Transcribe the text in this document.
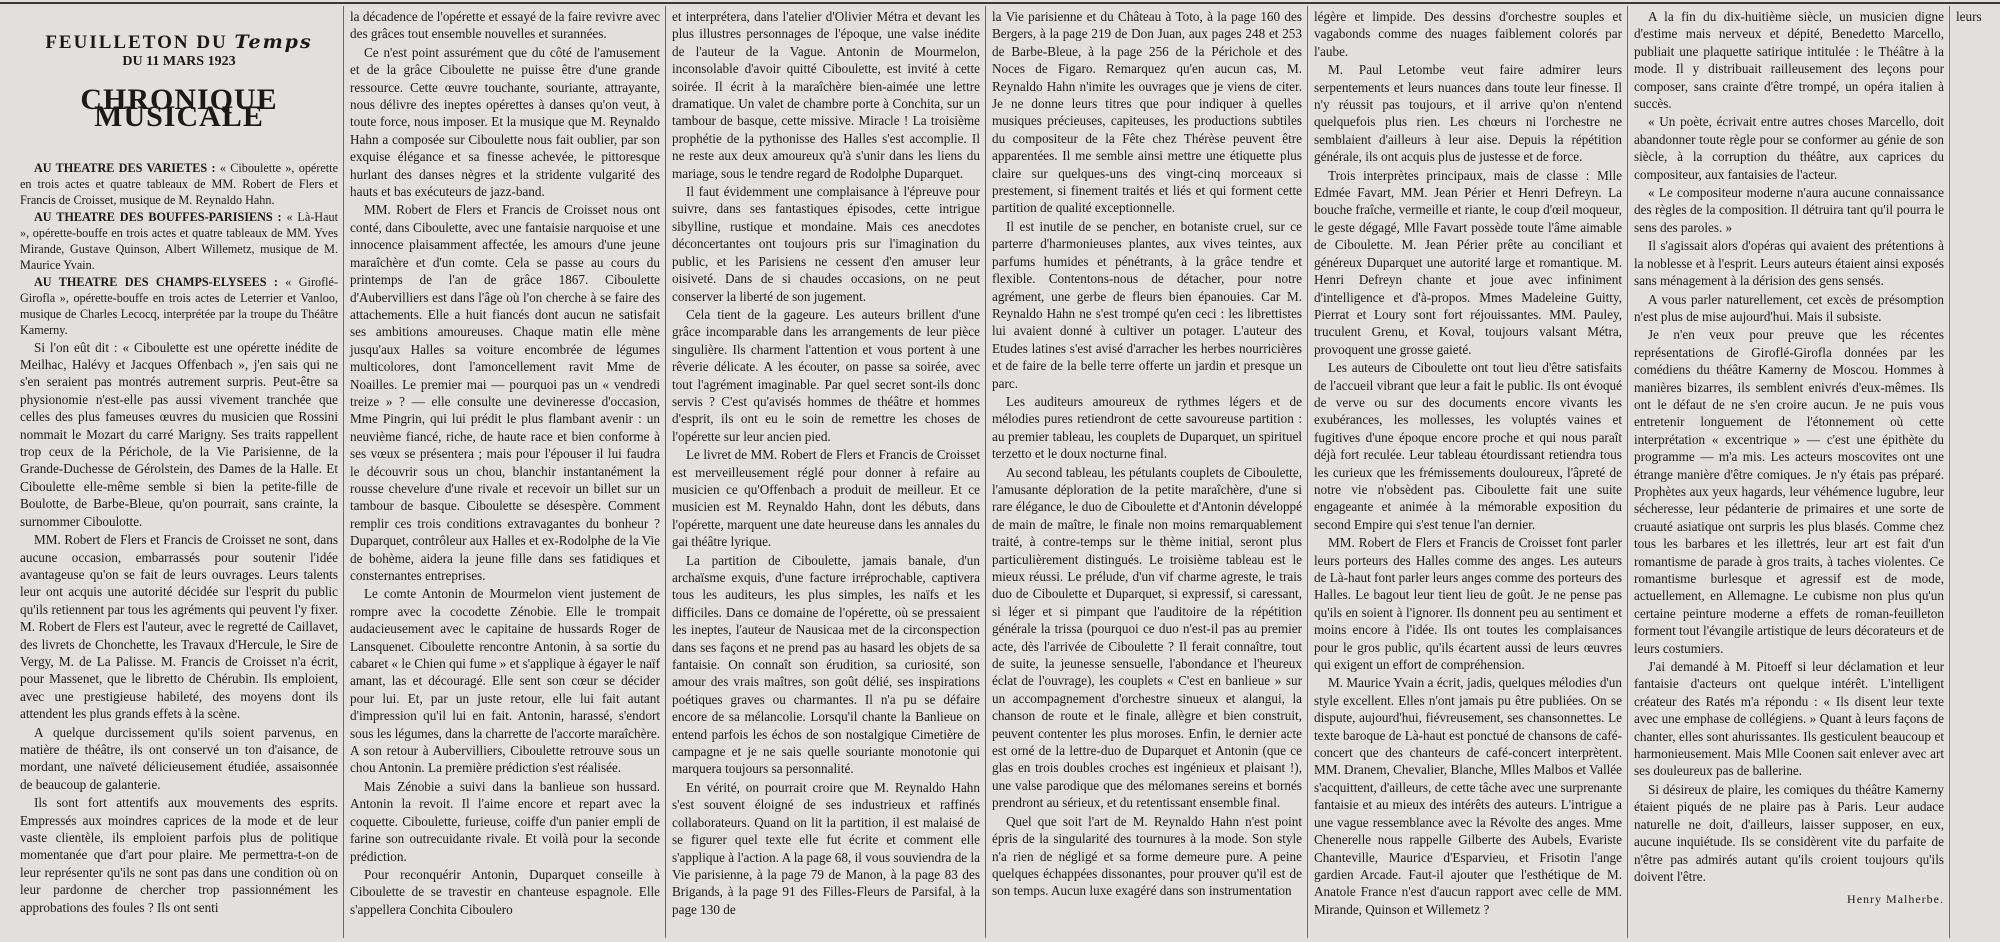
FEUILLETON DU Temps
DU 11 MARS 1923
CHRONIQUE MUSICALE

AU THEATRE DES VARIETES : « Ciboulette », opérette en trois actes et quatre tableaux de MM. Robert de Flers et Francis de Croisset, musique de M. Reynaldo Hahn.

AU THEATRE DES BOUFFES-PARISIENS : « Là-Haut », opérette-bouffe en trois actes et quatre tableaux de MM. Yves Mirande, Gustave Quinson, Albert Willemetz, musique de M. Maurice Yvain.

AU THEATRE DES CHAMPS-ELYSEES : « Giroflé-Girofla », opérette-bouffe en trois actes de Leterrier et Vanloo, musique de Charles Lecocq, interprétée par la troupe du Théâtre Kamerny.

Si l'on eût dit : « Ciboulette est une opérette inédite de Meilhac, Halévy et Jacques Offenbach », j'en sais qui ne s'en seraient pas montrés autrement surpris. Peut-être sa physionomie n'est-elle pas aussi vivement tranchée que celles des plus fameuses œuvres du musicien que Rossini nommait le Mozart du carré Marigny. Ses traits rappellent trop ceux de la Périchole, de la Vie Parisienne, de la Grande-Duchesse de Gérolstein, des Dames de la Halle. Et Ciboulette elle-même semble si bien la petite-fille de Boulotte, de Barbe-Bleue, qu'on pourrait, sans crainte, la surnommer Ciboulotte.

MM. Robert de Flers et Francis de Croisset ne sont, dans aucune occasion, embarrassés pour soutenir l'idée avantageuse qu'on se fait de leurs ouvrages. Leurs talents leur ont acquis une autorité décidée sur l'esprit du public qu'ils retiennent par tous les agréments qui peuvent l'y fixer. M. Robert de Flers est l'auteur, avec le regretté de Caillavet, des livrets de Chonchette, les Travaux d'Hercule, le Sire de Vergy, M. de La Palisse. M. Francis de Croisset n'a écrit, pour Massenet, que le libretto de Chérubin. Ils emploient, avec une prestigieuse habileté, des moyens dont ils attendent les plus grands effets à la scène.

A quelque durcissement qu'ils soient parvenus, en matière de théâtre, ils ont conservé un ton d'aisance, de mordant, une naïveté délicieusement étudiée, assaisonnée de beaucoup de galanterie.

Ils sont fort attentifs aux mouvements des esprits. Empressés aux moindres caprices de la mode et de leur vaste clientèle, ils emploient parfois plus de politique momentanée que d'art pour plaire. Me permettra-t-on de leur représenter qu'ils ne sont pas dans une condition où on leur pardonne de chercher trop passionnément les approbations des foules ? Ils ont senti

la décadence de l'opérette et essayé de la faire revivre avec des grâces tout ensemble nouvelles et surannées.

Ce n'est point assurément que du côté de l'amusement et de la grâce Ciboulette ne puisse être d'une grande ressource. Cette œuvre touchante, souriante, attrayante, nous délivre des ineptes opérettes à danses qu'on veut, à toute force, nous imposer. Et la musique que M. Reynaldo Hahn a composée sur Ciboulette nous fait oublier, par son exquise élégance et sa finesse achevée, le pittoresque hurlant des danses nègres et la stridente vulgarité des hauts et bas exécuteurs de jazz-band.

MM. Robert de Flers et Francis de Croisset nous ont conté, dans Ciboulette, avec une fantaisie narquoise et une innocence plaisamment affectée, les amours d'une jeune maraîchère et d'un comte. Cela se passe au cours du printemps de l'an de grâce 1867. Ciboulette d'Aubervilliers est dans l'âge où l'on cherche à se faire des attachements. Elle a huit fiancés dont aucun ne satisfait ses ambitions amoureuses. Chaque matin elle mène jusqu'aux Halles sa voiture encombrée de légumes multicolores, dont l'amoncellement ravit Mme de Noailles. Le premier mai — pourquoi pas un « vendredi treize » ? — elle consulte une devineresse d'occasion, Mme Pingrin, qui lui prédit le plus flambant avenir : un neuvième fiancé, riche, de haute race et bien conforme à ses vœux se présentera ; mais pour l'épouser il lui faudra le découvrir sous un chou, blanchir instantanément la rousse chevelure d'une rivale et recevoir un billet sur un tambour de basque. Ciboulette se désespère. Comment remplir ces trois conditions extravagantes du bonheur ? Duparquet, contrôleur aux Halles et ex-Rodolphe de la Vie de bohème, aidera la jeune fille dans ses fatidiques et consternantes entreprises.

Le comte Antonin de Mourmelon vient justement de rompre avec la cocodette Zénobie. Elle le trompait audacieusement avec le capitaine de hussards Roger de Lansquenet. Ciboulette rencontre Antonin, à sa sortie du cabaret « le Chien qui fume » et s'applique à égayer le naïf amant, las et découragé. Elle sent son cœur se décider pour lui. Et, par un juste retour, elle lui fait autant d'impression qu'il lui en fait. Antonin, harassé, s'endort sous les légumes, dans la charrette de l'accorte maraîchère. A son retour à Aubervilliers, Ciboulette retrouve sous un chou Antonin. La première prédiction s'est réalisée.

Mais Zénobie a suivi dans la banlieue son hussard. Antonin la revoit. Il l'aime encore et repart avec la coquette. Ciboulette, furieuse, coiffe d'un panier empli de farine son outrecuidante rivale. Et voilà pour la seconde prédiction.

Pour reconquérir Antonin, Duparquet conseille à Ciboulette de se travestir en chanteuse espagnole. Elle s'appellera Conchita Ciboulero

et interprétera, dans l'atelier d'Olivier Métra et devant les plus illustres personnages de l'époque, une valse inédite de l'auteur de la Vague. Antonin de Mourmelon, inconsolable d'avoir quitté Ciboulette, est invité à cette soirée. Il écrit à la maraîchère bien-aimée une lettre dramatique. Un valet de chambre porte à Conchita, sur un tambour de basque, cette missive. Miracle ! La troisième prophétie de la pythonisse des Halles s'est accomplie. Il ne reste aux deux amoureux qu'à s'unir dans les liens du mariage, sous le tendre regard de Rodolphe Duparquet.

Il faut évidemment une complaisance à l'épreuve pour suivre, dans ses fantastiques épisodes, cette intrigue sibylline, rustique et mondaine. Mais ces anecdotes déconcertantes ont toujours pris sur l'imagination du public, et les Parisiens ne cessent d'en amuser leur oisiveté. Dans de si chaudes occasions, on ne peut conserver la liberté de son jugement.

Cela tient de la gageure. Les auteurs brillent d'une grâce incomparable dans les arrangements de leur pièce singulière. Ils charment l'attention et vous portent à une rêverie délicate. A les écouter, on passe sa soirée, avec tout l'agrément imaginable. Par quel secret sont-ils donc servis ? C'est qu'avisés hommes de théâtre et hommes d'esprit, ils ont eu le soin de remettre les choses de l'opérette sur leur ancien pied.

Le livret de MM. Robert de Flers et Francis de Croisset est merveilleusement réglé pour donner à refaire au musicien ce qu'Offenbach a produit de meilleur. Et ce musicien est M. Reynaldo Hahn, dont les débuts, dans l'opérette, marquent une date heureuse dans les annales du gai théâtre lyrique.

La partition de Ciboulette, jamais banale, d'un archaïsme exquis, d'une facture irréprochable, captivera tous les auditeurs, les plus simples, les naïfs et les difficiles. Dans ce domaine de l'opérette, où se pressaient les ineptes, l'auteur de Nausicaa met de la circonspection dans ses façons et ne prend pas au hasard les objets de sa fantaisie. On connaît son érudition, sa curiosité, son amour des vrais maîtres, son goût délié, ses inspirations poétiques graves ou charmantes. Il n'a pu se défaire encore de sa mélancolie. Lorsqu'il chante la Banlieue on entend parfois les échos de son nostalgique Cimetière de campagne et je ne sais quelle souriante monotonie qui marquera toujours sa personnalité.

En vérité, on pourrait croire que M. Reynaldo Hahn s'est souvent éloigné de ses industrieux et raffinés collaborateurs. Quand on lit la partition, il est malaisé de se figurer quel texte elle fut écrite et comment elle s'applique à l'action. A la page 68, il vous souviendra de la Vie parisienne, à la page 79 de Manon, à la page 83 des Brigands, à la page 91 des Filles-Fleurs de Parsifal, à la page 130 de

la Vie parisienne et du Château à Toto, à la page 160 des Bergers, à la page 219 de Don Juan, aux pages 248 et 253 de Barbe-Bleue, à la page 256 de la Périchole et des Noces de Figaro. Remarquez qu'en aucun cas, M. Reynaldo Hahn n'imite les ouvrages que je viens de citer. Je ne donne leurs titres que pour indiquer à quelles musiques précieuses, capiteuses, les productions subtiles du compositeur de la Fête chez Thérèse peuvent être apparentées. Il me semble ainsi mettre une étiquette plus claire sur quelques-uns des vingt-cinq morceaux si prestement, si finement traités et liés et qui forment cette partition de qualité exceptionnelle.

Il est inutile de se pencher, en botaniste cruel, sur ce parterre d'harmonieuses plantes, aux vives teintes, aux parfums humides et pénétrants, à la grâce tendre et flexible. Contentons-nous de détacher, pour notre agrément, une gerbe de fleurs bien épanouies. Car M. Reynaldo Hahn ne s'est trompé qu'en ceci : les librettistes lui avaient donné à cultiver un potager. L'auteur des Etudes latines s'est avisé d'arracher les herbes nourricières et de faire de la belle terre offerte un jardin et presque un parc.

Les auditeurs amoureux de rythmes légers et de mélodies pures retiendront de cette savoureuse partition : au premier tableau, les couplets de Duparquet, un spirituel terzetto et le doux nocturne final.

Au second tableau, les pétulants couplets de Ciboulette, l'amusante déploration de la petite maraîchère, d'une si rare élégance, le duo de Ciboulette et d'Antonin développé de main de maître, le finale non moins remarquablement traité, à contre-temps sur le thème initial, seront plus particulièrement distingués. Le troisième tableau est le mieux réussi. Le prélude, d'un vif charme agreste, le trais duo de Ciboulette et Duparquet, si expressif, si caressant, si léger et si pimpant que l'auditoire de la répétition générale la trissa (pourquoi ce duo n'est-il pas au premier acte, dès l'arrivée de Ciboulette ? Il ferait connaître, tout de suite, la jeunesse sensuelle, l'abondance et l'heureux éclat de l'ouvrage), les couplets « C'est en banlieue » sur un accompagnement d'orchestre sinueux et alangui, la chanson de route et le finale, allègre et bien construit, peuvent contenter les plus moroses. Enfin, le dernier acte est orné de la lettre-duo de Duparquet et Antonin (que ce glas en trois doubles croches est ingénieux et plaisant !), une valse parodique que des mélomanes sereins et bornés prendront au sérieux, et du retentissant ensemble final.

Quel que soit l'art de M. Reynaldo Hahn n'est point épris de la singularité des tournures à la mode. Son style n'a rien de négligé et sa forme demeure pure. A peine quelques échappées dissonantes, pour prouver qu'il est de son temps. Aucun luxe exagéré dans son instrumentation

légère et limpide. Des dessins d'orchestre souples et vagabonds comme des nuages faiblement colorés par l'aube.

M. Paul Letombe veut faire admirer leurs serpentements et leurs nuances dans toute leur finesse. Il n'y réussit pas toujours, et il arrive qu'on n'entend quelquefois plus rien. Les chœurs ni l'orchestre ne semblaient d'ailleurs à leur aise. Depuis la répétition générale, ils ont acquis plus de justesse et de force.

Trois interprètes principaux, mais de classe : Mlle Edmée Favart, MM. Jean Périer et Henri Defreyn. La bouche fraîche, vermeille et riante, le coup d'œil moqueur, le geste dégagé, Mlle Favart possède toute l'âme aimable de Ciboulette. M. Jean Périer prête au conciliant et généreux Duparquet une autorité large et romantique. M. Henri Defreyn chante et joue avec infiniment d'intelligence et d'à-propos. Mmes Madeleine Guitty, Pierrat et Loury sont fort réjouissantes. MM. Pauley, truculent Grenu, et Koval, toujours valsant Métra, provoquent une grosse gaieté.

Les auteurs de Ciboulette ont tout lieu d'être satisfaits de l'accueil vibrant que leur a fait le public. Ils ont évoqué de verve ou sur des documents encore vivants les exubérances, les mollesses, les voluptés vaines et fugitives d'une époque encore proche et qui nous paraît déjà fort reculée. Leur tableau étourdissant retiendra tous les curieux que les frémissements douloureux, l'âpreté de notre vie n'obsèdent pas. Ciboulette fait une suite engageante et animée à la mémorable exposition du second Empire qui s'est tenue l'an dernier.

MM. Robert de Flers et Francis de Croisset font parler leurs porteurs des Halles comme des anges. Les auteurs de Là-haut font parler leurs anges comme des porteurs des Halles. Le bagout leur tient lieu de goût. Je ne pense pas qu'ils en soient à l'ignorer. Ils donnent peu au sentiment et moins encore à l'idée. Ils ont toutes les complaisances pour le gros public, qu'ils écartent aussi de leurs œuvres qui exigent un effort de compréhension.

M. Maurice Yvain a écrit, jadis, quelques mélodies d'un style excellent. Elles n'ont jamais pu être publiées. On se dispute, aujourd'hui, fiévreusement, ses chansonnettes. Le texte baroque de Là-haut est ponctué de chansons de café-concert que des chanteurs de café-concert interprètent. MM. Dranem, Chevalier, Blanche, Mlles Malbos et Vallée s'acquittent, d'ailleurs, de cette tâche avec une surprenante fantaisie et au mieux des intérêts des auteurs. L'intrigue a une vague ressemblance avec la Révolte des anges. Mme Chenerelle nous rappelle Gilberte des Aubels, Evariste Chanteville, Maurice d'Esparvieu, et Frisotin l'ange gardien Arcade. Faut-il ajouter que l'esthétique de M. Anatole France n'est d'aucun rapport avec celle de MM. Mirande, Quinson et Willemetz ?

A la fin du dix-huitième siècle, un musicien digne d'estime mais nerveux et dépité, Benedetto Marcello, publiait une plaquette satirique intitulée : le Théâtre à la mode. Il y distribuait railleusement des leçons pour composer, sans crainte d'être trompé, un opéra italien à succès.

« Un poète, écrivait entre autres choses Marcello, doit abandonner toute règle pour se conformer au génie de son siècle, à la corruption du théâtre, aux caprices du compositeur, aux fantaisies de l'acteur.

« Le compositeur moderne n'aura aucune connaissance des règles de la composition. Il détruira tant qu'il pourra le sens des paroles. »

Il s'agissait alors d'opéras qui avaient des prétentions à la noblesse et à l'esprit. Leurs auteurs étaient ainsi exposés sans ménagement à la dérision des gens sensés.

A vous parler naturellement, cet excès de présomption n'est plus de mise aujourd'hui. Mais il subsiste.

Je n'en veux pour preuve que les récentes représentations de Giroflé-Girofla données par les comédiens du théâtre Kamerny de Moscou. Hommes à manières bizarres, ils semblent enivrés d'eux-mêmes. Ils ont le défaut de ne s'en croire aucun. Je ne puis vous entretenir longuement de l'étonnement où cette interprétation « excentrique » — c'est une épithète du programme — m'a mis. Les acteurs moscovites ont une étrange manière d'être comiques. Je n'y étais pas préparé. Prophètes aux yeux hagards, leur véhémence lugubre, leur sécheresse, leur pédanterie de primaires et une sorte de cruauté asiatique ont surpris les plus blasés. Comme chez tous les barbares et les illettrés, leur art est fait d'un romantisme de parade à gros traits, à taches violentes. Ce romantisme burlesque et agressif est de mode, actuellement, en Allemagne. Le cubisme non plus qu'un certaine peinture moderne a effets de roman-feuilleton forment tout l'évangile artistique de leurs décorateurs et de leurs costumiers.

J'ai demandé à M. Pitoeff si leur déclamation et leur fantaisie d'acteurs ont quelque intérêt. L'intelligent créateur des Ratés m'a répondu : « Ils disent leur texte avec une emphase de collégiens. » Quant à leurs façons de chanter, elles sont ahurissantes. Ils gesticulent beaucoup et harmonieusement. Mais Mlle Coonen sait enlever avec art ses douleureux pas de ballerine.

Si désireux de plaire, les comiques du théâtre Kamerny étaient piqués de ne plaire pas à Paris. Leur audace naturelle ne doit, d'ailleurs, laisser supposer, en eux, aucune inquiétude. Ils se considèrent vite du parfaite de n'être pas admirés autant qu'ils croient toujours qu'ils doivent l'être.

Henry Malherbe.

leurs
